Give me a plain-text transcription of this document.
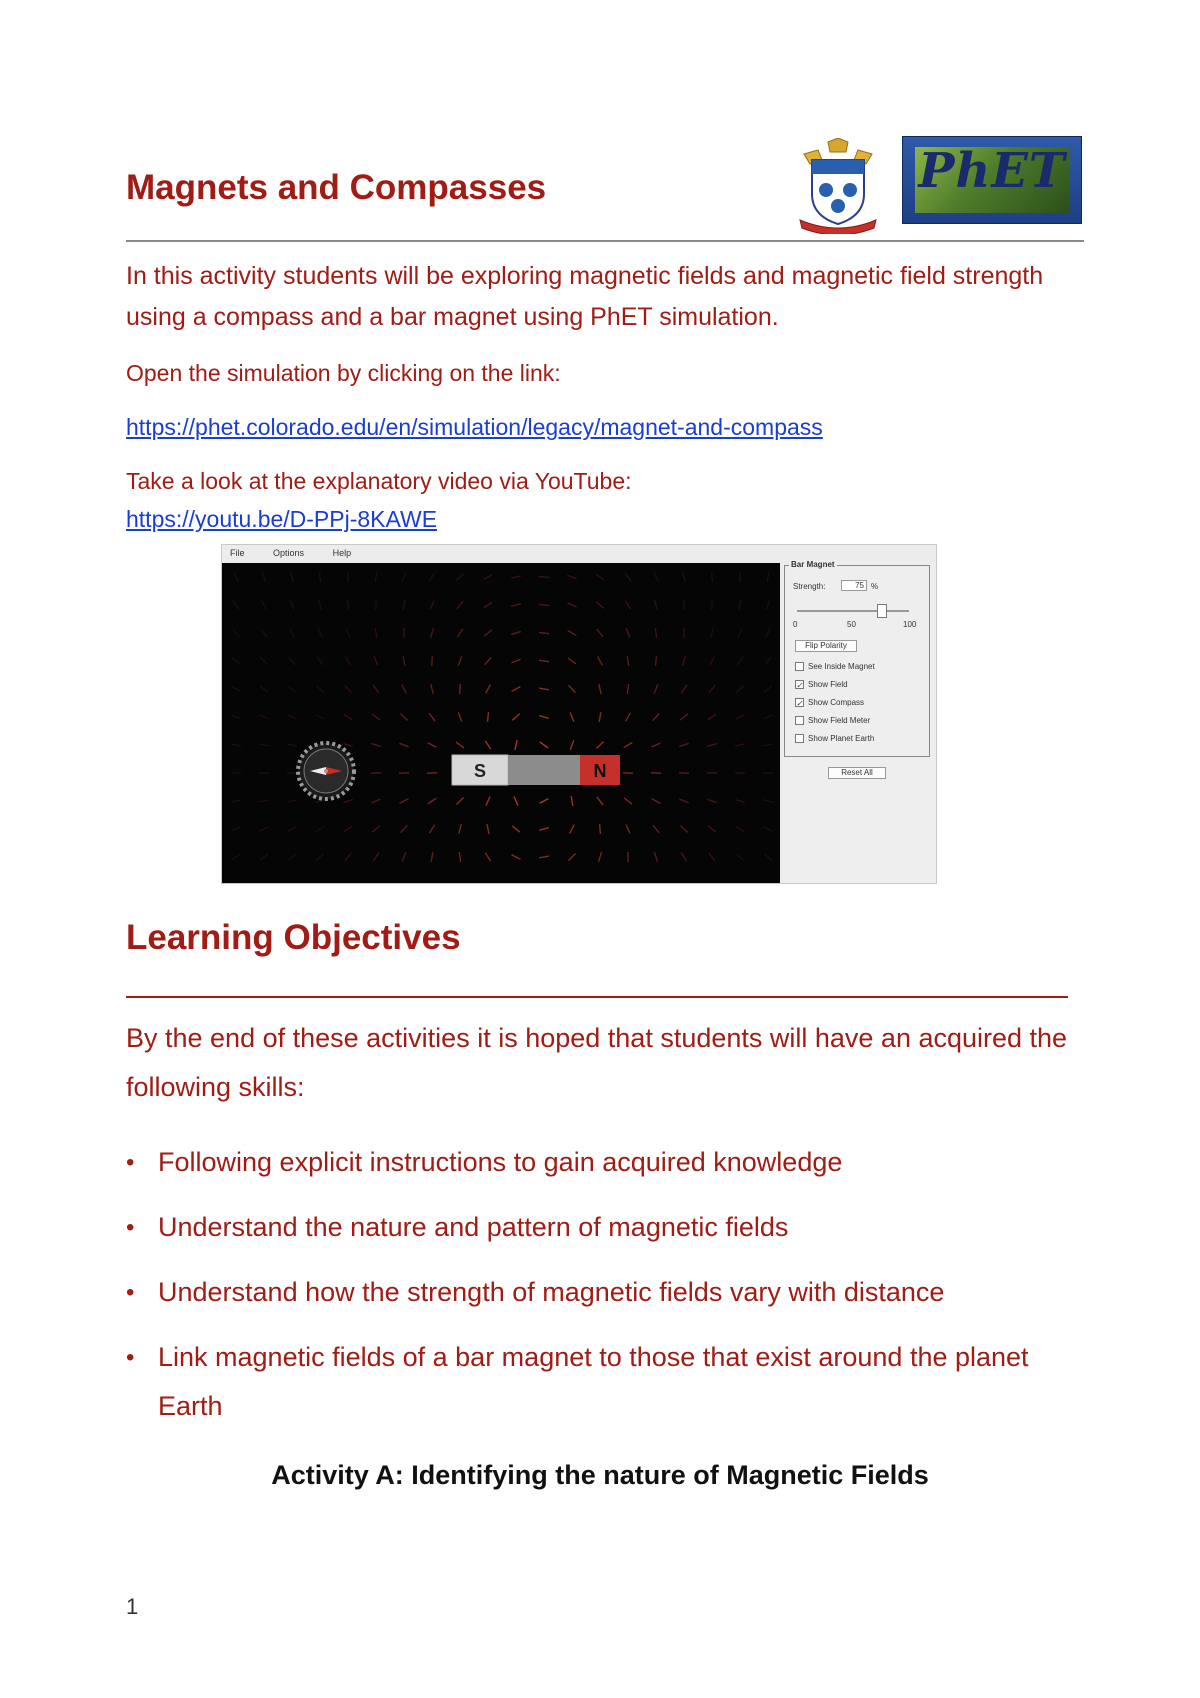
Magnets and Compasses	PhET
In this activity students will be exploring magnetic fields and magnetic field strength using a compass and a bar magnet using PhET simulation.
Open the simulation by clicking on the link:
https://phet.colorado.edu/en/simulation/legacy/magnet-and-compass
Take a look at the explanatory video via YouTube:
https://youtu.be/D-PPj-8KAWE
File	Options	Help
S	N
Bar Magnet
Strength:	75 %
0	50	100
Flip Polarity
See Inside Magnet
✓ Show Field
✓ Show Compass
Show Field Meter
Show Planet Earth
Reset All
Learning Objectives
By the end of these activities it is hoped that students will have an acquired the following skills:
• Following explicit instructions to gain acquired knowledge
• Understand the nature and pattern of magnetic fields
• Understand how the strength of magnetic fields vary with distance
• Link magnetic fields of a bar magnet to those that exist around the planet Earth
Activity A: Identifying the nature of Magnetic Fields
1
